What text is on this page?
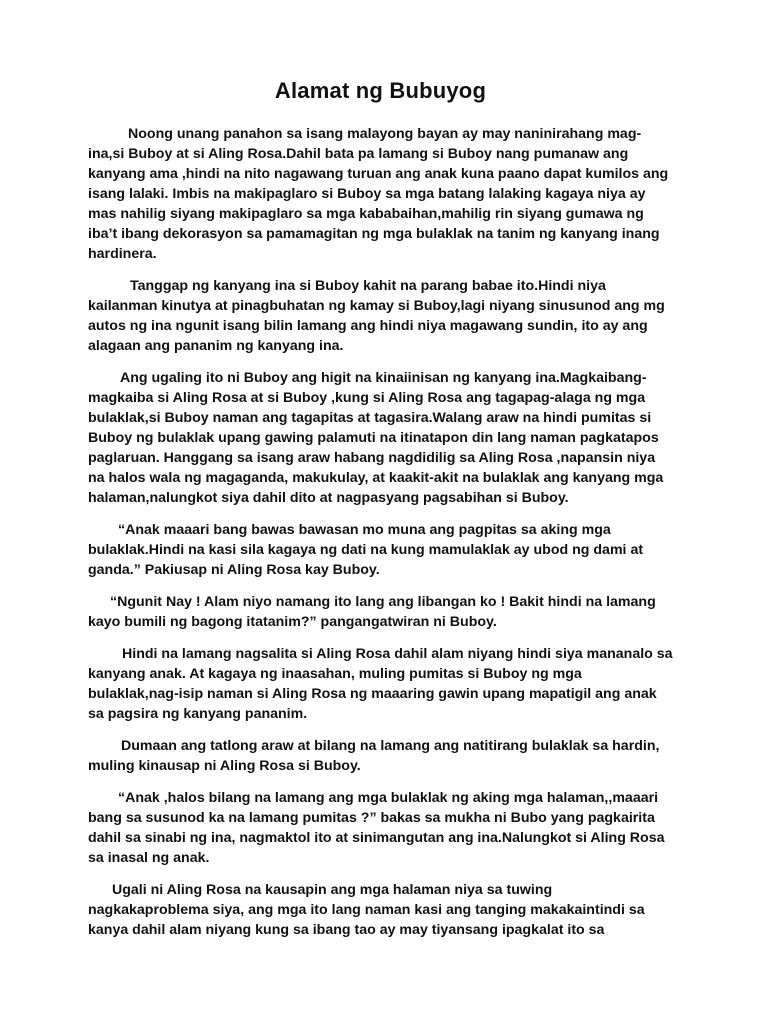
Alamat ng Bubuyog

Noong unang panahon sa isang malayong bayan ay may naninirahang mag-ina,si Buboy at si Aling Rosa.Dahil bata pa lamang si Buboy nang pumanaw ang kanyang ama ,hindi na nito nagawang turuan ang anak kuna paano dapat kumilos ang isang lalaki. Imbis na makipaglaro si Buboy sa mga batang lalaking kagaya niya ay mas nahilig siyang makipaglaro sa mga kababaihan,mahilig rin siyang gumawa ng iba’t ibang dekorasyon sa pamamagitan ng mga bulaklak na tanim ng kanyang inang hardinera.

Tanggap ng kanyang ina si Buboy kahit na parang babae ito.Hindi niya kailanman kinutya at pinagbuhatan ng kamay si Buboy,lagi niyang sinusunod ang mg autos ng ina ngunit isang bilin lamang ang hindi niya magawang sundin, ito ay ang alagaan ang pananim ng kanyang ina.

Ang ugaling ito ni Buboy ang higit na kinaiinisan ng kanyang ina.Magkaibang-magkaiba si Aling Rosa at si Buboy ,kung si Aling Rosa ang tagapag-alaga ng mga bulaklak,si Buboy naman ang tagapitas at tagasira.Walang araw na hindi pumitas si Buboy ng bulaklak upang gawing palamuti na itinatapon din lang naman pagkatapos paglaruan. Hanggang sa isang araw habang nagdidilig sa Aling Rosa ,napansin niya na halos wala ng magaganda, makukulay, at kaakit-akit na bulaklak ang kanyang mga halaman,nalungkot siya dahil dito at nagpasyang pagsabihan si Buboy.

“Anak maaari bang bawas bawasan mo muna ang pagpitas sa aking mga bulaklak.Hindi na kasi sila kagaya ng dati na kung mamulaklak ay ubod ng dami at ganda.” Pakiusap ni Aling Rosa kay Buboy.

“Ngunit Nay ! Alam niyo namang ito lang ang libangan ko ! Bakit hindi na lamang kayo bumili ng bagong itatanim?” pangangatwiran ni Buboy.

Hindi na lamang nagsalita si Aling Rosa dahil alam niyang hindi siya mananalo sa kanyang anak. At kagaya ng inaasahan, muling pumitas si Buboy ng mga bulaklak,nag-isip naman si Aling Rosa ng maaaring gawin upang mapatigil ang anak sa pagsira ng kanyang pananim.

Dumaan ang tatlong araw at bilang na lamang ang natitirang bulaklak sa hardin, muling kinausap ni Aling Rosa si Buboy.

“Anak ,halos bilang na lamang ang mga bulaklak ng aking mga halaman,,maaari bang sa susunod ka na lamang pumitas ?” bakas sa mukha ni Bubo yang pagkairita dahil sa sinabi ng ina, nagmaktol ito at sinimangutan ang ina.Nalungkot si Aling Rosa sa inasal ng anak.

Ugali ni Aling Rosa na kausapin ang mga halaman niya sa tuwing nagkakaproblema siya, ang mga ito lang naman kasi ang tanging makakaintindi sa kanya dahil alam niyang kung sa ibang tao ay may tiyansang ipagkalat ito sa
